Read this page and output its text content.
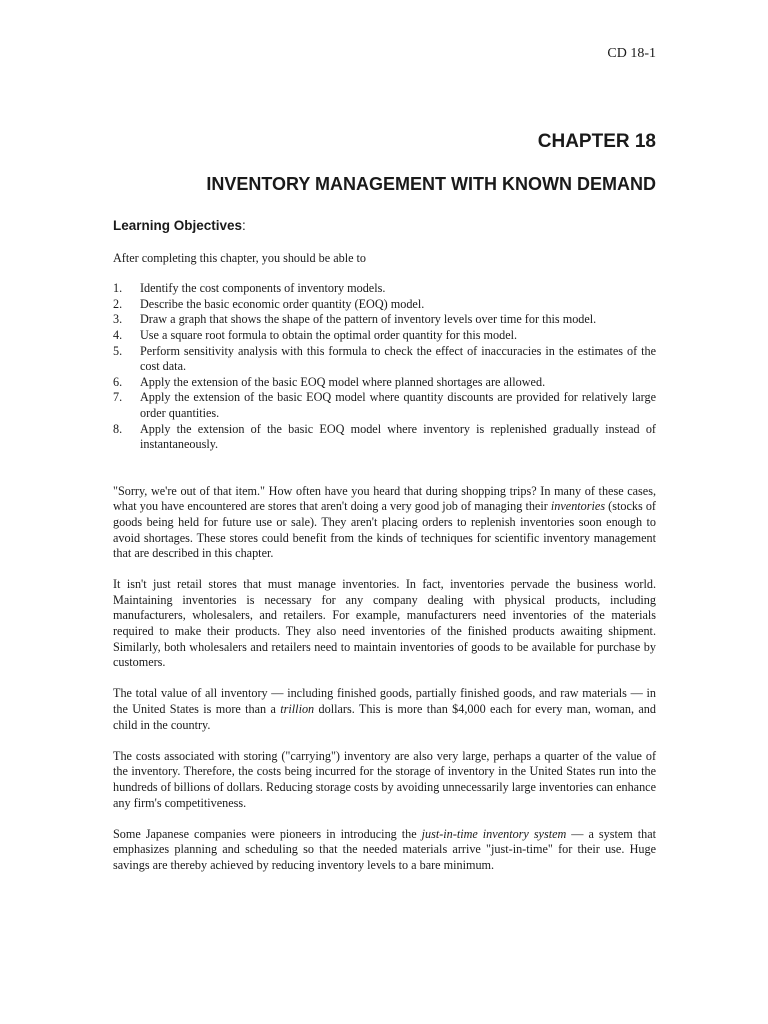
CD 18-1
CHAPTER 18
INVENTORY MANAGEMENT WITH KNOWN DEMAND
Learning Objectives:

After completing this chapter, you should be able to

1.	Identify the cost components of inventory models.
2.	Describe the basic economic order quantity (EOQ) model.
3.	Draw a graph that shows the shape of the pattern of inventory levels over time for this model.
4.	Use a square root formula to obtain the optimal order quantity for this model.
5.	Perform sensitivity analysis with this formula to check the effect of inaccuracies in the estimates of the cost data.
6.	Apply the extension of the basic EOQ model where planned shortages are allowed.
7.	Apply the extension of the basic EOQ model where quantity discounts are provided for relatively large order quantities.
8.	Apply the extension of the basic EOQ model where inventory is replenished gradually instead of instantaneously.

"Sorry, we're out of that item." How often have you heard that during shopping trips? In many of these cases, what you have encountered are stores that aren't doing a very good job of managing their inventories (stocks of goods being held for future use or sale). They aren't placing orders to replenish inventories soon enough to avoid shortages. These stores could benefit from the kinds of techniques for scientific inventory management that are described in this chapter.

It isn't just retail stores that must manage inventories. In fact, inventories pervade the business world. Maintaining inventories is necessary for any company dealing with physical products, including manufacturers, wholesalers, and retailers. For example, manufacturers need inventories of the materials required to make their products. They also need inventories of the finished products awaiting shipment. Similarly, both wholesalers and retailers need to maintain inventories of goods to be available for purchase by customers.

The total value of all inventory — including finished goods, partially finished goods, and raw materials — in the United States is more than a trillion dollars. This is more than $4,000 each for every man, woman, and child in the country.

The costs associated with storing ("carrying") inventory are also very large, perhaps a quarter of the value of the inventory. Therefore, the costs being incurred for the storage of inventory in the United States run into the hundreds of billions of dollars. Reducing storage costs by avoiding unnecessarily large inventories can enhance any firm's competitiveness.

Some Japanese companies were pioneers in introducing the just-in-time inventory system — a system that emphasizes planning and scheduling so that the needed materials arrive "just-in-time" for their use. Huge savings are thereby achieved by reducing inventory levels to a bare minimum.
